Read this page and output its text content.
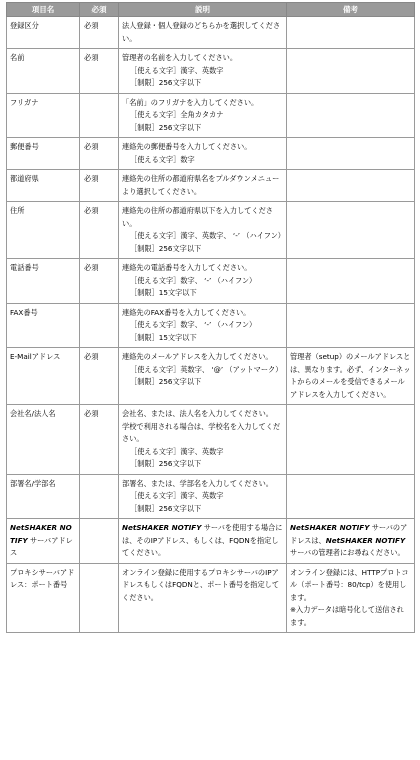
項目名	必須	説明	備考
登録区分	必須	法人登録・個人登録のどちらかを選択してください。	

名前	必須	管理者の名前を入力してください。
［使える文字］漢字、英数字
［制限］256文字以下	

フリガナ		「名前」のフリガナを入力してください。
［使える文字］全角カタカナ
［制限］256文字以下	

郵便番号	必須	連絡先の郵便番号を入力してください。
［使える文字］数字	

都道府県	必須	連絡先の住所の都道府県名をプルダウンメニューより選択してください。	

住所	必須	連絡先の住所の都道府県以下を入力してください。
［使える文字］漢字、英数字、 ‘-’ （ハイフン）
［制限］256文字以下	

電話番号	必須	連絡先の電話番号を入力してください。
［使える文字］数字、 ‘-’ （ハイフン）
［制限］15文字以下	

FAX番号		連絡先のFAX番号を入力してください。
［使える文字］数字、 ‘-’ （ハイフン）
［制限］15文字以下	

E-Mailアドレス	必須	連絡先のメールアドレスを入力してください。
［使える文字］英数字、 ‘@’ （アットマーク）
［制限］256文字以下	管理者（setup）のメールアドレスとは、異なります。必ず、インターネットからのメールを受信できるメールアドレスを入力してください。

会社名/法人名	必須	会社名、または、法人名を入力してください。
学校で利用される場合は、学校名を入力してください。
［使える文字］漢字、英数字
［制限］256文字以下	

部署名/学部名		部署名、または、学部名を入力してください。
［使える文字］漢字、英数字
［制限］256文字以下	

NetSHAKER NOTIFY サーバアドレス		NetSHAKER NOTIFY サーバを使用する場合には、そのIPアドレス、もしくは、FQDNを指定してください。	NetSHAKER NOTIFY サーバのアドレスは、NetSHAKER NOTIFY サーバの管理者にお尋ねください。
プロキシサーバアドレス：ポート番号		オンライン登録に使用するプロキシサーバのIPアドレスもしくはFQDNと、ポート番号を指定してください。	オンライン登録には、HTTPプロトコル（ポート番号：80/tcp）を使用します。
※入力データは暗号化して送信されます。
